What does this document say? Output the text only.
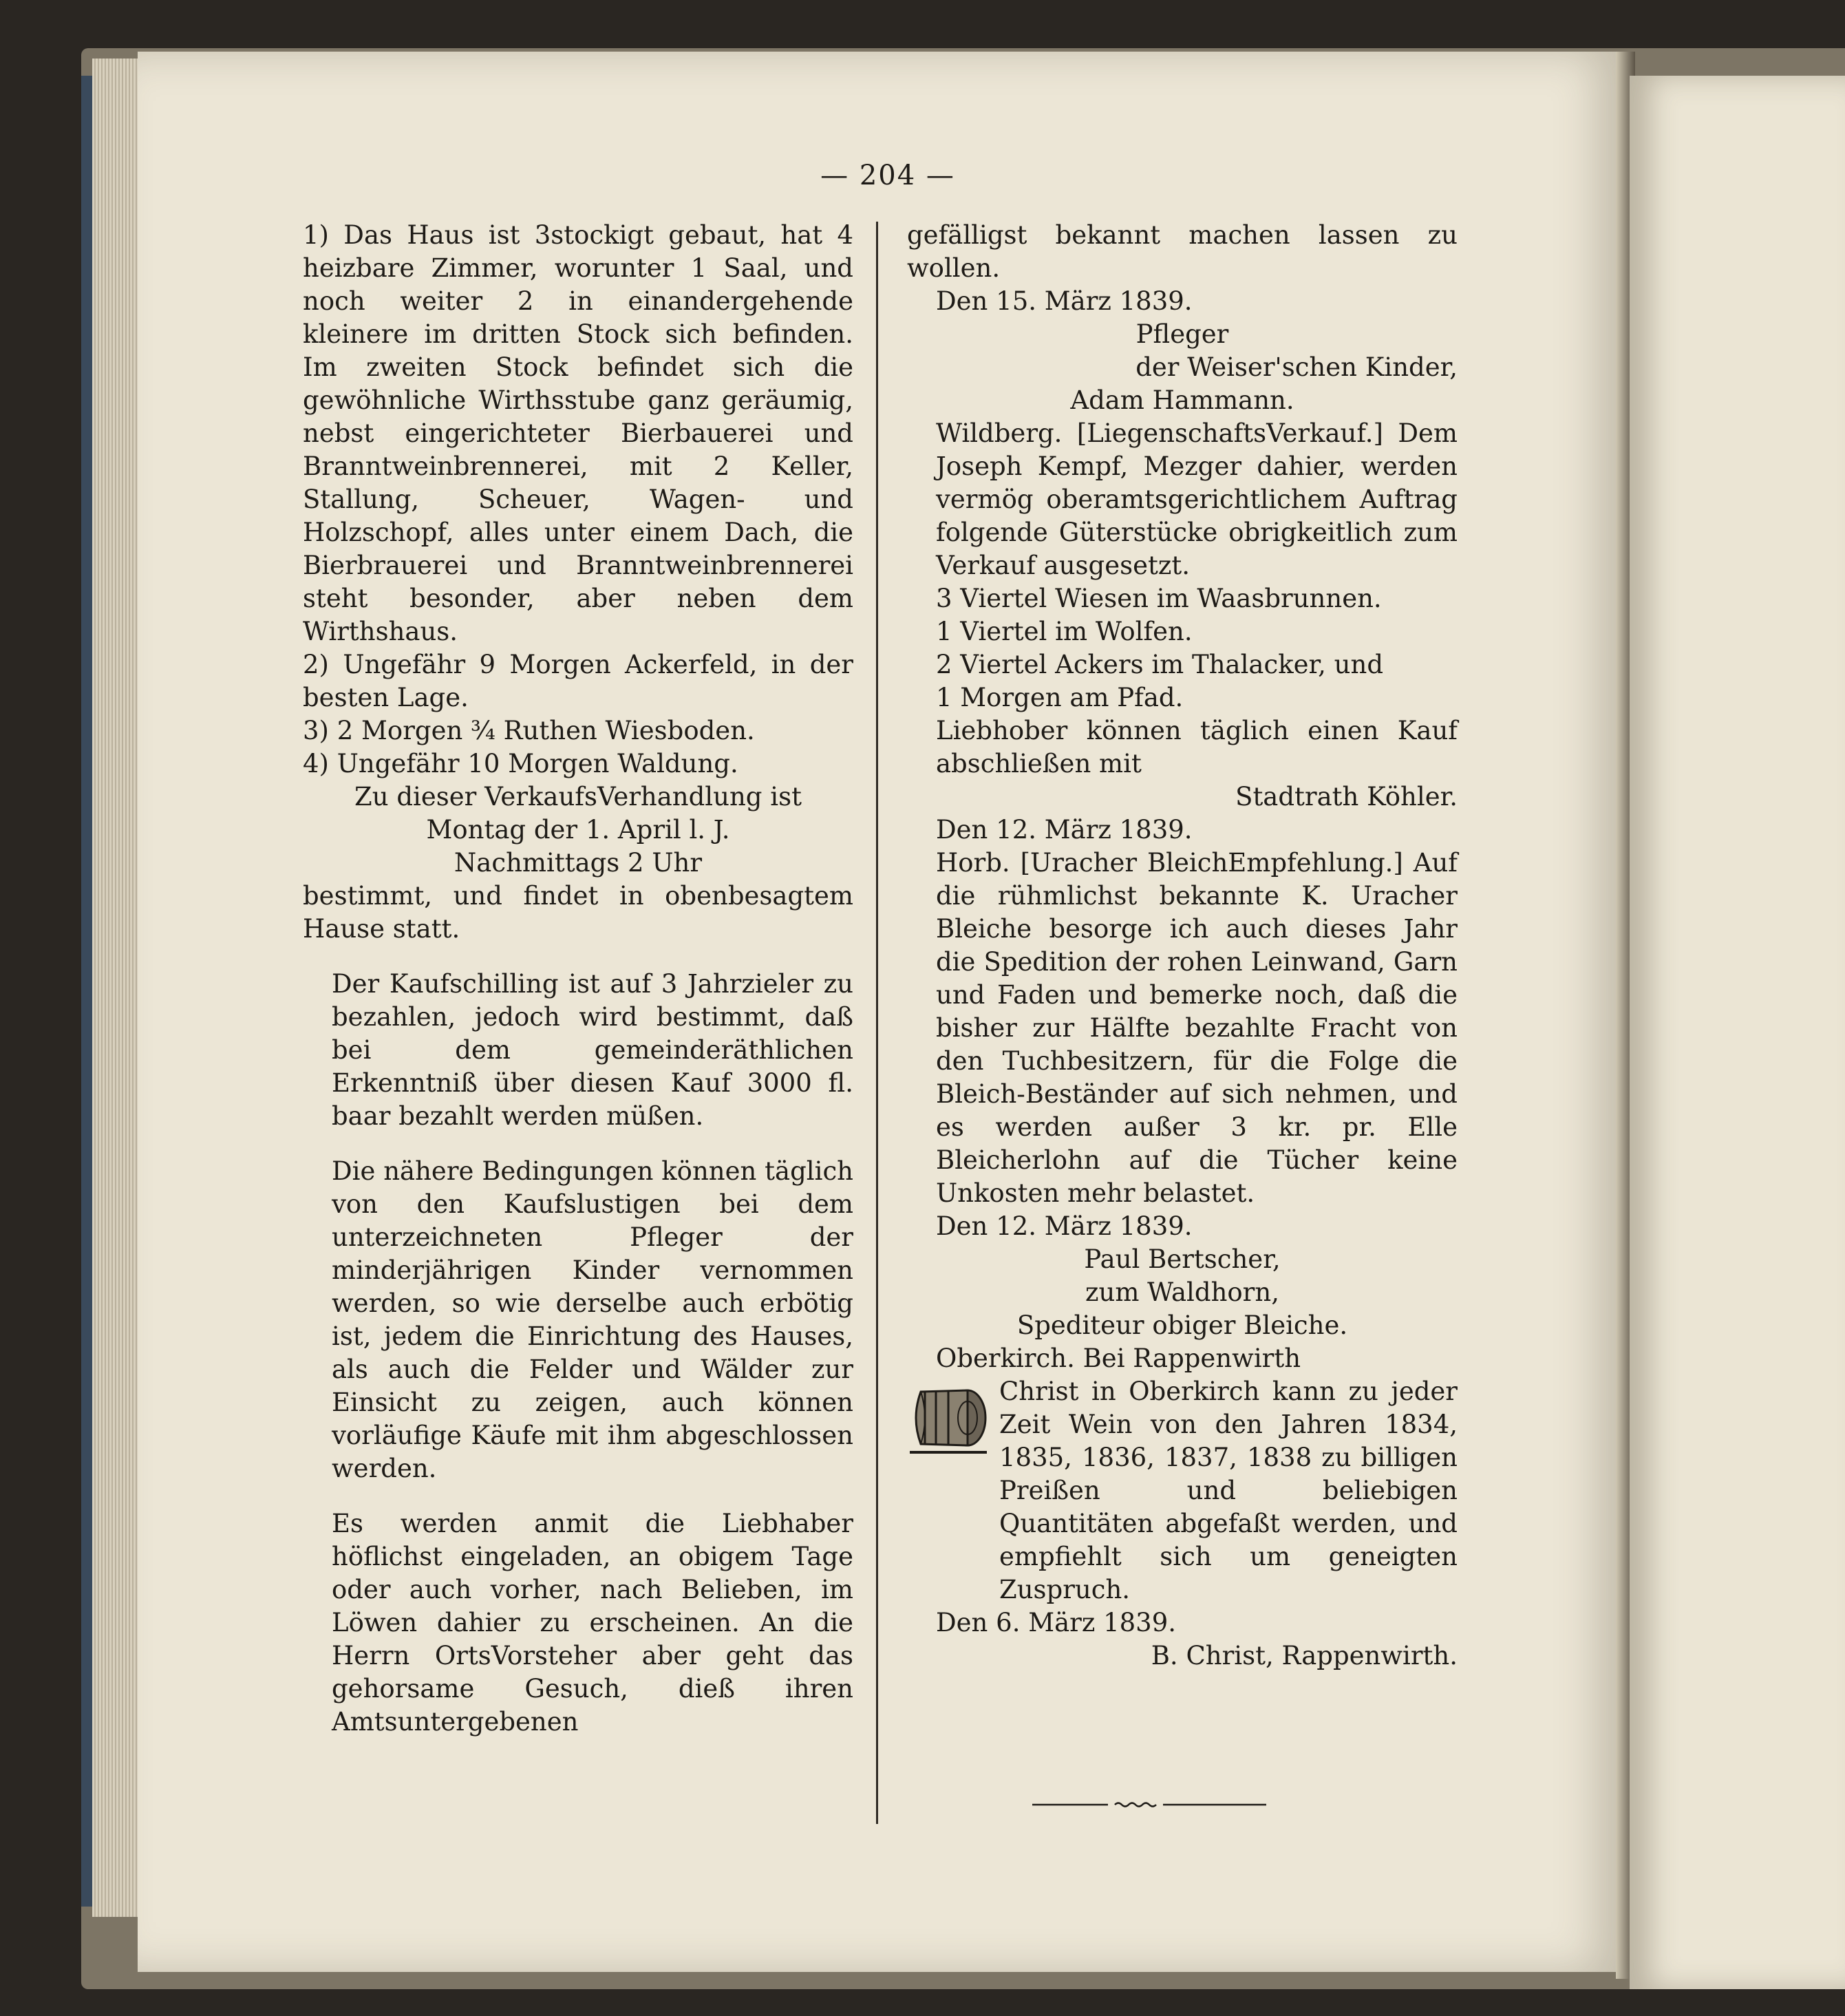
— 204 —

1) Das Haus ist 3stockigt gebaut, hat 4 heizbare Zimmer, worunter 1 Saal, und noch weiter 2 in einandergehende kleinere im dritten Stock sich befinden. Im zweiten Stock befindet sich die gewöhnliche Wirthsstube ganz geräumig, nebst eingerichteter Bierbauerei und Branntweinbrennerei, mit 2 Keller, Stallung, Scheuer, Wagen- und Holzschopf, alles unter einem Dach, die Bierbrauerei und Branntweinbrennerei steht besonder, aber neben dem Wirthshaus.

2) Ungefähr 9 Morgen Ackerfeld, in der besten Lage.

3) 2 Morgen ¾ Ruthen Wiesboden.

4) Ungefähr 10 Morgen Waldung.

Zu dieser VerkaufsVerhandlung ist

Montag der 1. April l. J.

Nachmittags 2 Uhr

bestimmt, und findet in obenbesagtem Hause statt.

Der Kaufschilling ist auf 3 Jahrzieler zu bezahlen, jedoch wird bestimmt, daß bei dem gemeinderäthlichen Erkenntniß über diesen Kauf 3000 fl. baar bezahlt werden müßen.

Die nähere Bedingungen können täglich von den Kaufslustigen bei dem unterzeichneten Pfleger der minderjährigen Kinder vernommen werden, so wie derselbe auch erbötig ist, jedem die Einrichtung des Hauses, als auch die Felder und Wälder zur Einsicht zu zeigen, auch können vorläufige Käufe mit ihm abgeschlossen werden.

Es werden anmit die Liebhaber höflichst eingeladen, an obigem Tage oder auch vorher, nach Belieben, im Löwen dahier zu erscheinen. An die Herrn OrtsVorsteher aber geht das gehorsame Gesuch, dieß ihren Amtsuntergebenen

gefälligst bekannt machen lassen zu wollen.

Den 15. März 1839.

Pfleger

der Weiser'schen Kinder,

Adam Hammann.

Wildberg. [LiegenschaftsVerkauf.] Dem Joseph Kempf, Mezger dahier, werden vermög oberamtsgerichtlichem Auftrag folgende Güterstücke obrigkeitlich zum Verkauf ausgesetzt.

3 Viertel Wiesen im Waasbrunnen.

1 Viertel im Wolfen.

2 Viertel Ackers im Thalacker, und

1 Morgen am Pfad.

Liebhober können täglich einen Kauf abschließen mit

Stadtrath Köhler.

Den 12. März 1839.

Horb. [Uracher BleichEmpfehlung.] Auf die rühmlichst bekannte K. Uracher Bleiche besorge ich auch dieses Jahr die Spedition der rohen Leinwand, Garn und Faden und bemerke noch, daß die bisher zur Hälfte bezahlte Fracht von den Tuchbesitzern, für die Folge die Bleich-Beständer auf sich nehmen, und es werden außer 3 kr. pr. Elle Bleicherlohn auf die Tücher keine Unkosten mehr belastet.

Den 12. März 1839.

Paul Bertscher,

zum Waldhorn,

Spediteur obiger Bleiche.

Oberkirch. Bei Rappenwirth

Christ in Oberkirch kann zu jeder Zeit Wein von den Jahren 1834, 1835, 1836, 1837, 1838 zu billigen Preißen und beliebigen Quantitäten abgefaßt werden, und empfiehlt sich um geneigten Zuspruch.

Den 6. März 1839.

B. Christ, Rappenwirth.
